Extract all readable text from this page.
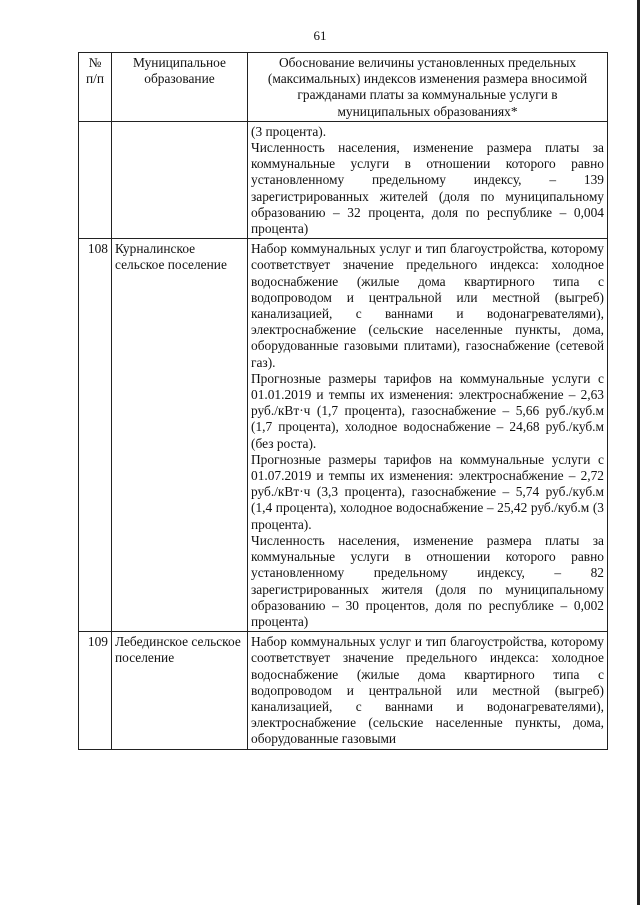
61
№ п/п	Муниципальное образование	Обоснование величины установленных предельных (максимальных) индексов изменения размера вносимой гражданами платы за коммунальные услуги в муниципальных образованиях*

		(3 процента).
Численность населения, изменение размера платы за коммунальные услуги в отношении которого равно установленному предельному индексу, – 139 зарегистрированных жителей (доля по муниципальному образованию – 32 процента, доля по республике – 0,004 процента)

108	Курналинское сельское поселение	Набор коммунальных услуг и тип благоустройства, которому соответствует значение предельного индекса: холодное водоснабжение (жилые дома квартирного типа с водопроводом и центральной или местной (выгреб) канализацией, с ваннами и водонагревателями), электроснабжение (сельские населенные пункты, дома, оборудованные газовыми плитами), газоснабжение (сетевой газ).
Прогнозные размеры тарифов на коммунальные услуги с 01.01.2019 и темпы их изменения: электроснабжение – 2,63 руб./кВт·ч (1,7 процента), газоснабжение – 5,66 руб./куб.м (1,7 процента), холодное водоснабжение – 24,68 руб./куб.м (без роста).
Прогнозные размеры тарифов на коммунальные услуги с 01.07.2019 и темпы их изменения: электроснабжение – 2,72 руб./кВт·ч (3,3 процента), газоснабжение – 5,74 руб./куб.м (1,4 процента), холодное водоснабжение – 25,42 руб./куб.м (3 процента).
Численность населения, изменение размера платы за коммунальные услуги в отношении которого равно установленному предельному индексу, – 82 зарегистрированных жителя (доля по муниципальному образованию – 30 процентов, доля по республике – 0,002 процента)

109	Лебединское сельское поселение	Набор коммунальных услуг и тип благоустройства, которому соответствует значение предельного индекса: холодное водоснабжение (жилые дома квартирного типа с водопроводом и центральной или местной (выгреб) канализацией, с ваннами и водонагревателями), электроснабжение (сельские населенные пункты, дома, оборудованные газовыми
